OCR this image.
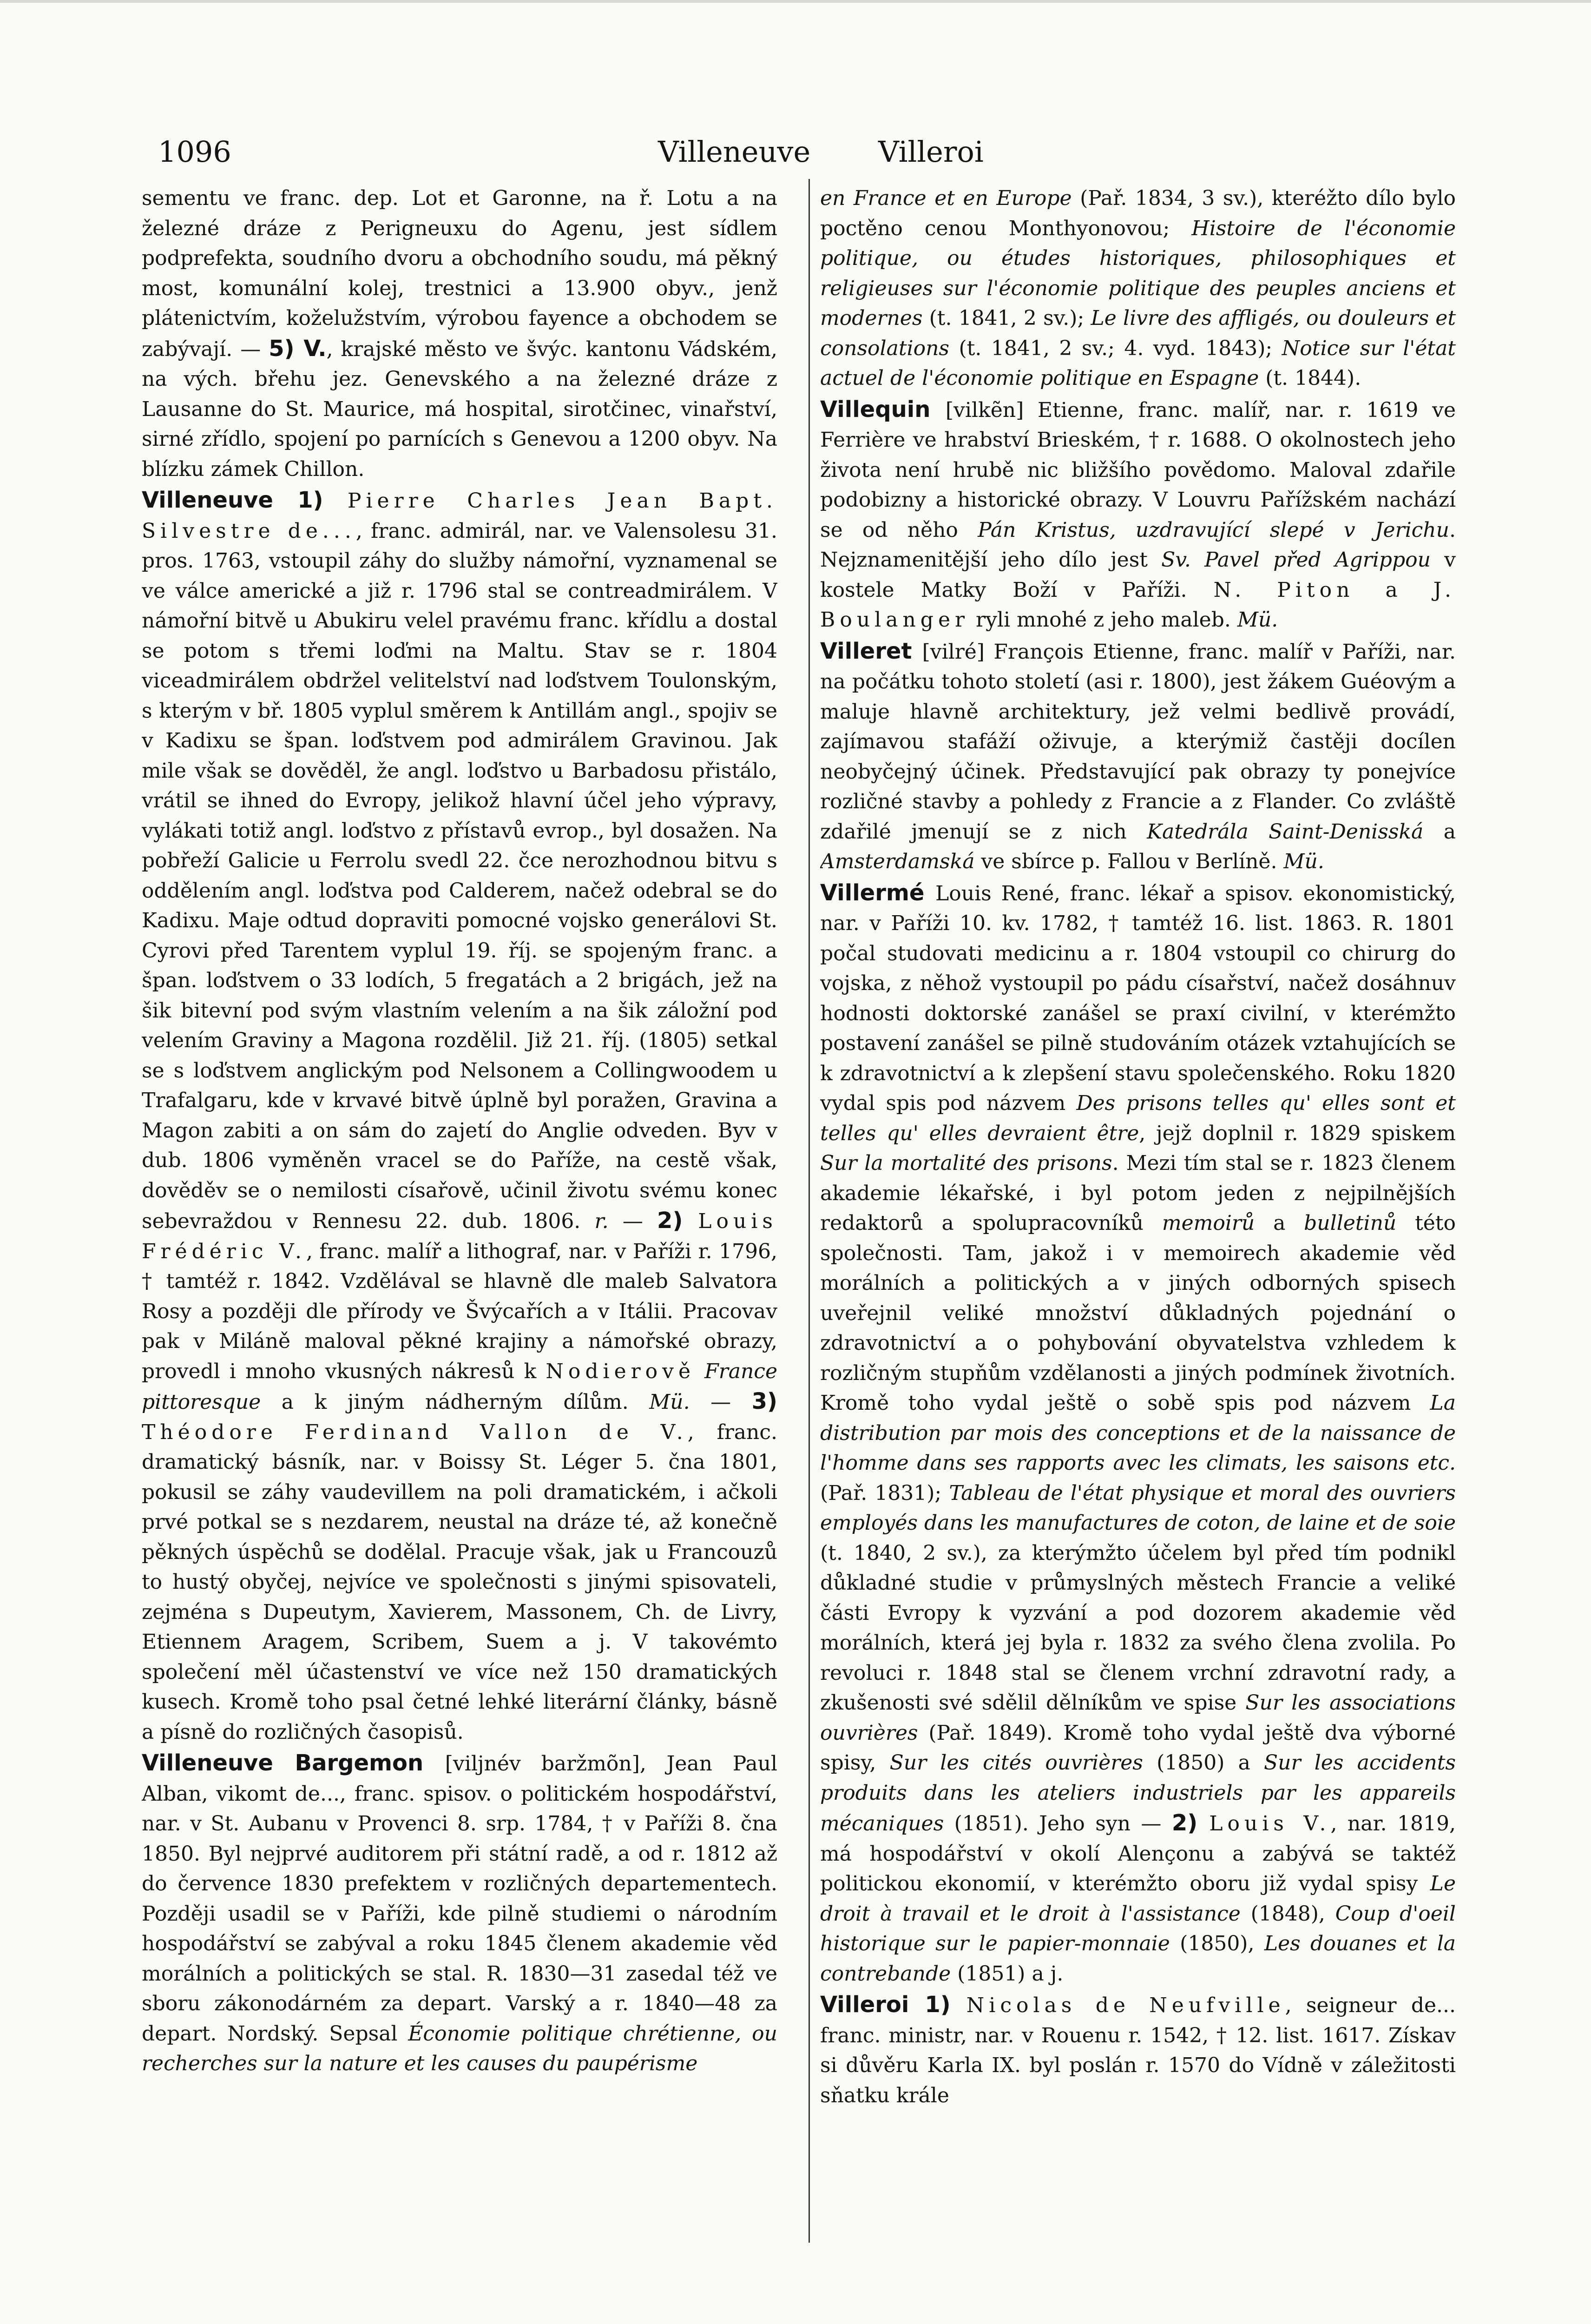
1096	Villeneuve Villeroi

sementu ve franc. dep. Lot et Garonne, na ř. Lotu a na železné dráze z Perigneuxu do Agenu, jest sídlem podprefekta, soudního dvoru a obchodního soudu, má pěkný most, komunální kolej, trestnici a 13.900 obyv., jenž plátenictvím, koželužstvím, výrobou fayence a obchodem se zabývají. — 5) V., krajské město ve švýc. kantonu Vádském, na vých. břehu jez. Genevského a na železné dráze z Lausanne do St. Maurice, má hospital, sirotčinec, vinařství, sirné zřídlo, spojení po parnících s Genevou a 1200 obyv. Na blízku zámek Chillon.

Villeneuve 1) Pierre Charles Jean Bapt. Silvestre de..., franc. admirál, nar. ve Valensolesu 31. pros. 1763, vstoupil záhy do služby námořní, vyznamenal se ve válce americké a již r. 1796 stal se contreadmirálem. V námořní bitvě u Abukiru velel pravému franc. křídlu a dostal se potom s třemi loďmi na Maltu. Stav se r. 1804 viceadmirálem obdržel velitelství nad loďstvem Toulonským, s kterým v bř. 1805 vyplul směrem k Antillám angl., spojiv se v Kadixu se špan. loďstvem pod admirálem Gravinou. Jak mile však se dověděl, že angl. loďstvo u Barbadosu přistálo, vrátil se ihned do Evropy, jelikož hlavní účel jeho výpravy, vylákati totiž angl. loďstvo z přístavů evrop., byl dosažen. Na pobřeží Galicie u Ferrolu svedl 22. čce nerozhodnou bitvu s oddělením angl. loďstva pod Calderem, načež odebral se do Kadixu. Maje odtud dopraviti pomocné vojsko generálovi St. Cyrovi před Tarentem vyplul 19. říj. se spojeným franc. a špan. loďstvem o 33 lodích, 5 fregatách a 2 brigách, jež na šik bitevní pod svým vlastním velením a na šik záložní pod velením Graviny a Magona rozdělil. Již 21. říj. (1805) setkal se s loďstvem anglickým pod Nelsonem a Collingwoodem u Trafalgaru, kde v krvavé bitvě úplně byl poražen, Gravina a Magon zabiti a on sám do zajetí do Anglie odveden. Byv v dub. 1806 vyměněn vracel se do Paříže, na cestě však, dověděv se o nemilosti císařově, učinil životu svému konec sebevraždou v Rennesu 22. dub. 1806. r. — 2) Louis Frédéric V., franc. malíř a lithograf, nar. v Paříži r. 1796, † tamtéž r. 1842. Vzdělával se hlavně dle maleb Salvatora Rosy a později dle přírody ve Švýcařích a v Itálii. Pracovav pak v Miláně maloval pěkné krajiny a námořské obrazy, provedl i mnoho vkusných nákresů k Nodierově France pittoresque a k jiným nádherným dílům. Mü. — 3) Théodore Ferdinand Vallon de V., franc. dramatický básník, nar. v Boissy St. Léger 5. čna 1801, pokusil se záhy vaudevillem na poli dramatickém, i ačkoli prvé potkal se s nezdarem, neustal na dráze té, až konečně pěkných úspěchů se dodělal. Pracuje však, jak u Francouzů to hustý obyčej, nejvíce ve společnosti s jinými spisovateli, zejména s Dupeutym, Xavierem, Massonem, Ch. de Livry, Etiennem Aragem, Scribem, Suem a j. V takovémto společení měl účastenství ve více než 150 dramatických kusech. Kromě toho psal četné lehké literární články, básně a písně do rozličných časopisů.

Villeneuve Bargemon [viljnév baržmõn], Jean Paul Alban, vikomt de..., franc. spisov. o politickém hospodářství, nar. v St. Aubanu v Provenci 8. srp. 1784, † v Paříži 8. čna 1850. Byl nejprvé auditorem při státní radě, a od r. 1812 až do července 1830 prefektem v rozličných departementech. Později usadil se v Paříži, kde pilně studiemi o národním hospodářství se zabýval a roku 1845 členem akademie věd morálních a politických se stal. R. 1830—31 zasedal též ve sboru zákonodárném za depart. Varský a r. 1840—48 za depart. Nordský. Sepsal Économie politique chrétienne, ou recherches sur la nature et les causes du paupérisme

en France et en Europe (Pař. 1834, 3 sv.), kteréžto dílo bylo poctěno cenou Monthyonovou; Histoire de l'économie politique, ou études historiques, philosophiques et religieuses sur l'économie politique des peuples anciens et modernes (t. 1841, 2 sv.); Le livre des affligés, ou douleurs et consolations (t. 1841, 2 sv.; 4. vyd. 1843); Notice sur l'état actuel de l'économie politique en Espagne (t. 1844).

Villequin [vilkẽn] Etienne, franc. malíř, nar. r. 1619 ve Ferrière ve hrabství Brieském, † r. 1688. O okolnostech jeho života není hrubě nic bližšího povědomo. Maloval zdařile podobizny a historické obrazy. V Louvru Pařížském nachází se od něho Pán Kristus, uzdravující slepé v Jerichu. Nejznamenitější jeho dílo jest Sv. Pavel před Agrippou v kostele Matky Boží v Paříži. N. Piton a J. Boulanger ryli mnohé z jeho maleb. Mü.

Villeret [vilré] François Etienne, franc. malíř v Paříži, nar. na počátku tohoto století (asi r. 1800), jest žákem Guéovým a maluje hlavně architektury, jež velmi bedlivě provádí, zajímavou stafáží oživuje, a kterýmiž častěji docílen neobyčejný účinek. Představující pak obrazy ty ponejvíce rozličné stavby a pohledy z Francie a z Flander. Co zvláště zdařilé jmenují se z nich Katedrála Saint-Denisská a Amsterdamská ve sbírce p. Fallou v Berlíně. Mü.

Villermé Louis René, franc. lékař a spisov. ekonomistický, nar. v Paříži 10. kv. 1782, † tamtéž 16. list. 1863. R. 1801 počal studovati medicinu a r. 1804 vstoupil co chirurg do vojska, z něhož vystoupil po pádu císařství, načež dosáhnuv hodnosti doktorské zanášel se praxí civilní, v kterémžto postavení zanášel se pilně studováním otázek vztahujících se k zdravotnictví a k zlepšení stavu společenského. Roku 1820 vydal spis pod názvem Des prisons telles qu' elles sont et telles qu' elles devraient être, jejž doplnil r. 1829 spiskem Sur la mortalité des prisons. Mezi tím stal se r. 1823 členem akademie lékařské, i byl potom jeden z nejpilnějších redaktorů a spolupracovníků memoirů a bulletinů této společnosti. Tam, jakož i v memoirech akademie věd morálních a politických a v jiných odborných spisech uveřejnil veliké množství důkladných pojednání o zdravotnictví a o pohybování obyvatelstva vzhledem k rozličným stupňům vzdělanosti a jiných podmínek životních. Kromě toho vydal ještě o sobě spis pod názvem La distribution par mois des conceptions et de la naissance de l'homme dans ses rapports avec les climats, les saisons etc. (Pař. 1831); Tableau de l'état physique et moral des ouvriers employés dans les manufactures de coton, de laine et de soie (t. 1840, 2 sv.), za kterýmžto účelem byl před tím podnikl důkladné studie v průmyslných městech Francie a veliké části Evropy k vyzvání a pod dozorem akademie věd morálních, která jej byla r. 1832 za svého člena zvolila. Po revoluci r. 1848 stal se členem vrchní zdravotní rady, a zkušenosti své sdělil dělníkům ve spise Sur les associations ouvrières (Pař. 1849). Kromě toho vydal ještě dva výborné spisy, Sur les cités ouvrières (1850) a Sur les accidents produits dans les ateliers industriels par les appareils mécaniques (1851). Jeho syn — 2) Louis V., nar. 1819, má hospodářství v okolí Alençonu a zabývá se taktéž politickou ekonomií, v kterémžto oboru již vydal spisy Le droit à travail et le droit à l'assistance (1848), Coup d'oeil historique sur le papier-monnaie (1850), Les douanes et la contrebande (1851) a j.

Villeroi 1) Nicolas de Neufville, seigneur de... franc. ministr, nar. v Rouenu r. 1542, † 12. list. 1617. Získav si důvěru Karla IX. byl poslán r. 1570 do Vídně v záležitosti sňatku krále
